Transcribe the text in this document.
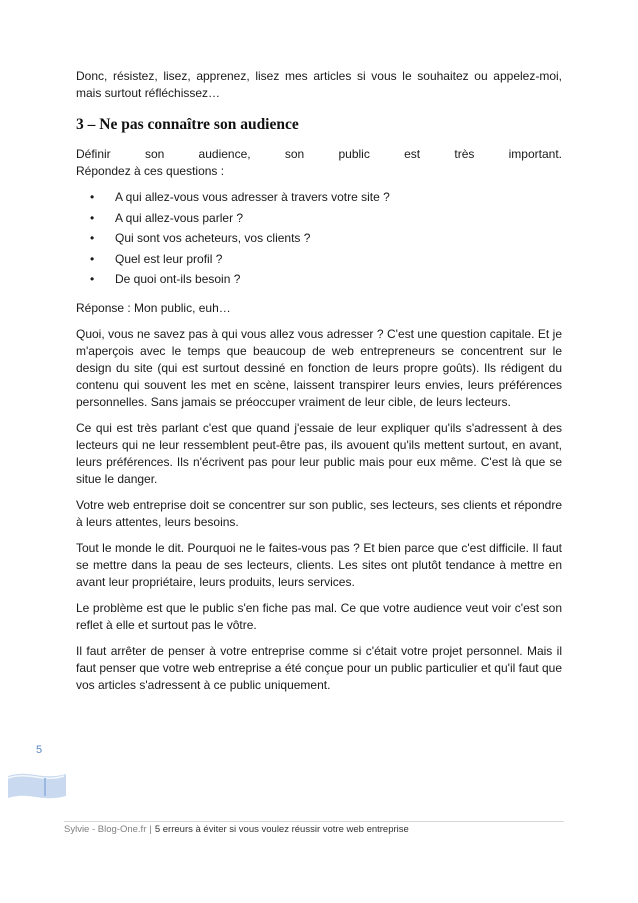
Donc, résistez, lisez, apprenez, lisez mes articles si vous le souhaitez ou appelez-moi, mais surtout réfléchissez…

3 – Ne pas connaître son audience

Définir son audience, son public est très important.

Répondez à ces questions :

• A qui allez-vous vous adresser à travers votre site ?
• A qui allez-vous parler ?
• Qui sont vos acheteurs, vos clients ?
• Quel est leur profil ?
• De quoi ont-ils besoin ?

Réponse : Mon public, euh…

Quoi, vous ne savez pas à qui vous allez vous adresser ? C'est une question capitale. Et je m'aperçois avec le temps que beaucoup de web entrepreneurs se concentrent sur le design du site (qui est surtout dessiné en fonction de leurs propre goûts). Ils rédigent du contenu qui souvent les met en scène, laissent transpirer leurs envies, leurs préférences personnelles. Sans jamais se préoccuper vraiment de leur cible, de leurs lecteurs.

Ce qui est très parlant c'est que quand j'essaie de leur expliquer qu'ils s'adressent à des lecteurs qui ne leur ressemblent peut-être pas, ils avouent qu'ils mettent surtout, en avant, leurs préférences. Ils n'écrivent pas pour leur public mais pour eux même. C'est là que se situe le danger.

Votre web entreprise doit se concentrer sur son public, ses lecteurs, ses clients et répondre à leurs attentes, leurs besoins.

Tout le monde le dit. Pourquoi ne le faites-vous pas ? Et bien parce que c'est difficile. Il faut se mettre dans la peau de ses lecteurs, clients. Les sites ont plutôt tendance à mettre en avant leur propriétaire, leurs produits, leurs services.

Le problème est que le public s'en fiche pas mal. Ce que votre audience veut voir c'est son reflet à elle et surtout pas le vôtre.

Il faut arrêter de penser à votre entreprise comme si c'était votre projet personnel. Mais il faut penser que votre web entreprise a été conçue pour un public particulier et qu'il faut que vos articles s'adressent à ce public uniquement.

5
Sylvie - Blog-One.fr | 5 erreurs à éviter si vous voulez réussir votre web entreprise
